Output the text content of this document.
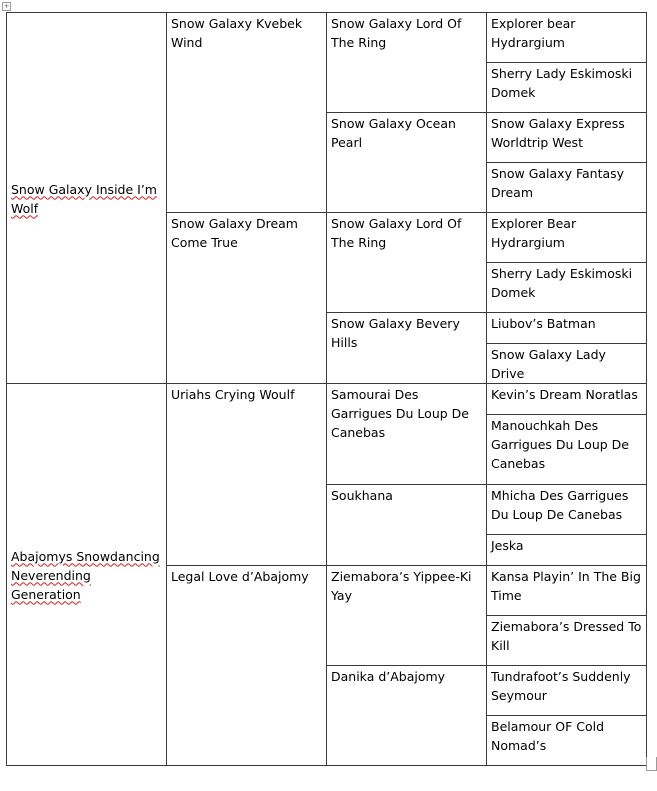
+
Snow Galaxy Inside I’m Wolf	Snow Galaxy Kvebek Wind	Snow Galaxy Lord Of The Ring	Explorer bear Hydrargium

			Sherry Lady Eskimoski Domek

		Snow Galaxy Ocean Pearl	Snow Galaxy Express Worldtrip West

			Snow Galaxy Fantasy Dream

	Snow Galaxy Dream Come True	Snow Galaxy Lord Of The Ring	Explorer Bear Hydrargium

			Sherry Lady Eskimoski Domek

		Snow Galaxy Bevery Hills	Liubov’s Batman

			Snow Galaxy Lady Drive

Abajomys Snowdancing Neverending Generation	Uriahs Crying Woulf	Samourai Des Garrigues Du Loup De Canebas	Kevin’s Dream Noratlas

			Manouchkah Des Garrigues Du Loup De Canebas

		Soukhana	Mhicha Des Garrigues Du Loup De Canebas

			Jeska

	Legal Love d’Abajomy	Ziemabora’s Yippee-Ki Yay	Kansa Playin’ In The Big Time

			Ziemabora’s Dressed To Kill

		Danika d’Abajomy	Tundrafoot’s Suddenly Seymour

			Belamour OF Cold Nomad’s
